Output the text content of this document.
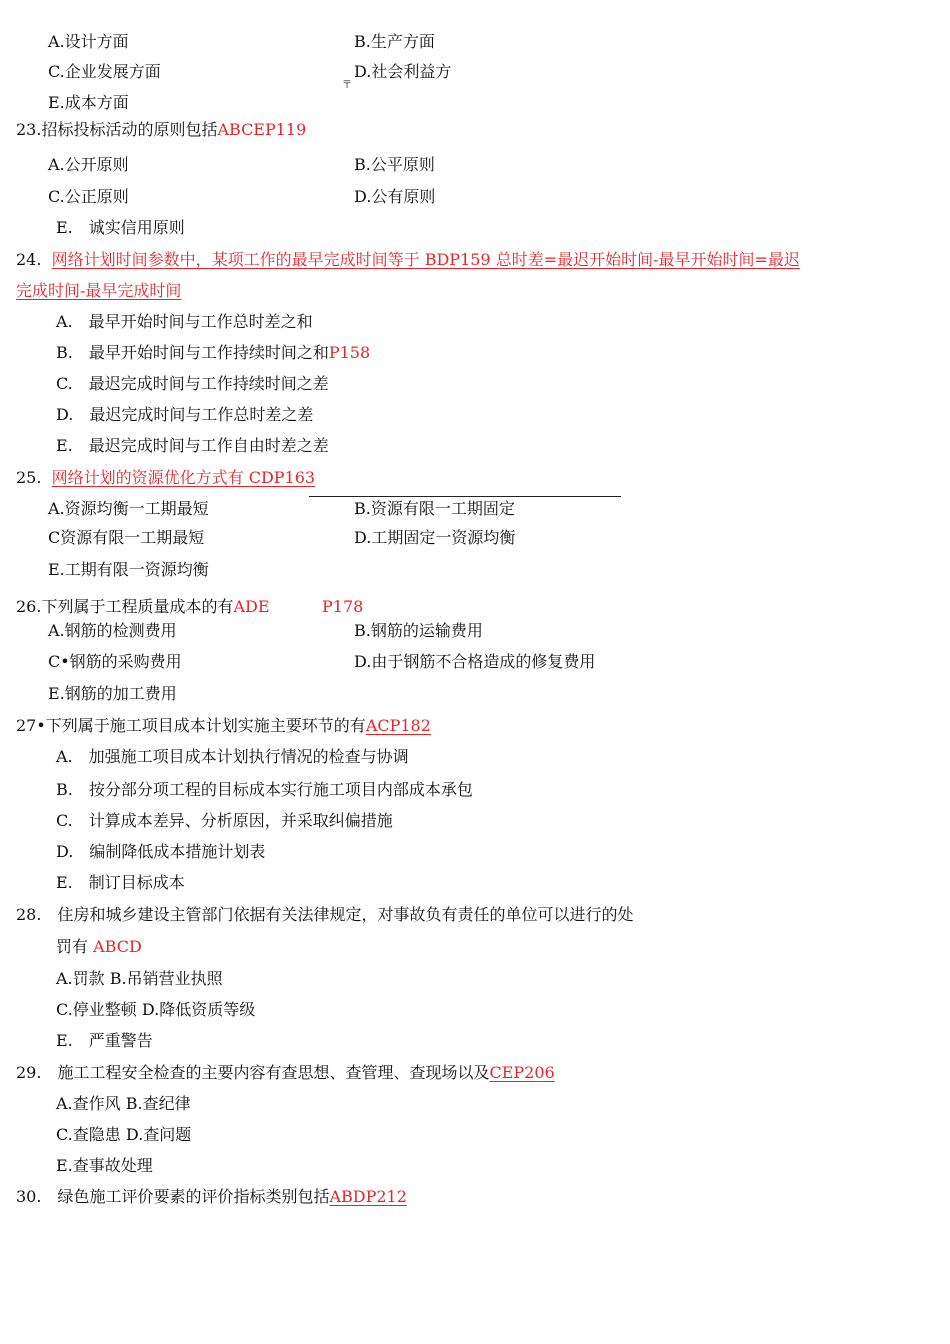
A.设计方面	B.生产方面
C.企业发展方面	D.社会利益方
〒
E.成本方面
23.招标投标活动的原则包括ABCEP119
A.公开原则	B.公平原则
C.公正原则	D.公有原则
E.　诚实信用原则
24. 网络计划时间参数中，某项工作的最早完成时间等于 BDP159 总时差=最迟开始时间-最早开始时间=最迟
完成时间-最早完成时间
A.　最早开始时间与工作总时差之和
B.　最早开始时间与工作持续时间之和P158
C.　最迟完成时间与工作持续时间之差
D.　最迟完成时间与工作总时差之差
E.　最迟完成时间与工作自由时差之差
25. 网络计划的资源优化方式有 CDP163
A.资源均衡一工期最短	B.资源有限一工期固定
C资源有限一工期最短	D.工期固定一资源均衡
E.工期有限一资源均衡
26.下列属于工程质量成本的有ADE	P178
A.钢筋的检测费用	B.钢筋的运输费用
C•钢筋的采购费用	D.由于钢筋不合格造成的修复费用
E.钢筋的加工费用
27•下列属于施工项目成本计划实施主要环节的有ACP182
A.　加强施工项目成本计划执行情况的检查与协调
B.　按分部分项工程的目标成本实行施工项目内部成本承包
C.　计算成本差异、分析原因，并采取纠偏措施
D.　编制降低成本措施计划表
E.　制订目标成本
28.　住房和城乡建设主管部门依据有关法律规定，对事故负有责任的单位可以进行的处
罚有 ABCD
A.罚款 B.吊销营业执照
C.停业整顿 D.降低资质等级
E.　严重警告
29.　施工工程安全检查的主要内容有查思想、查管理、查现场以及CEP206
A.查作风 B.查纪律
C.查隐患 D.查问题
E.查事故处理
30.　绿色施工评价要素的评价指标类别包括ABDP212
